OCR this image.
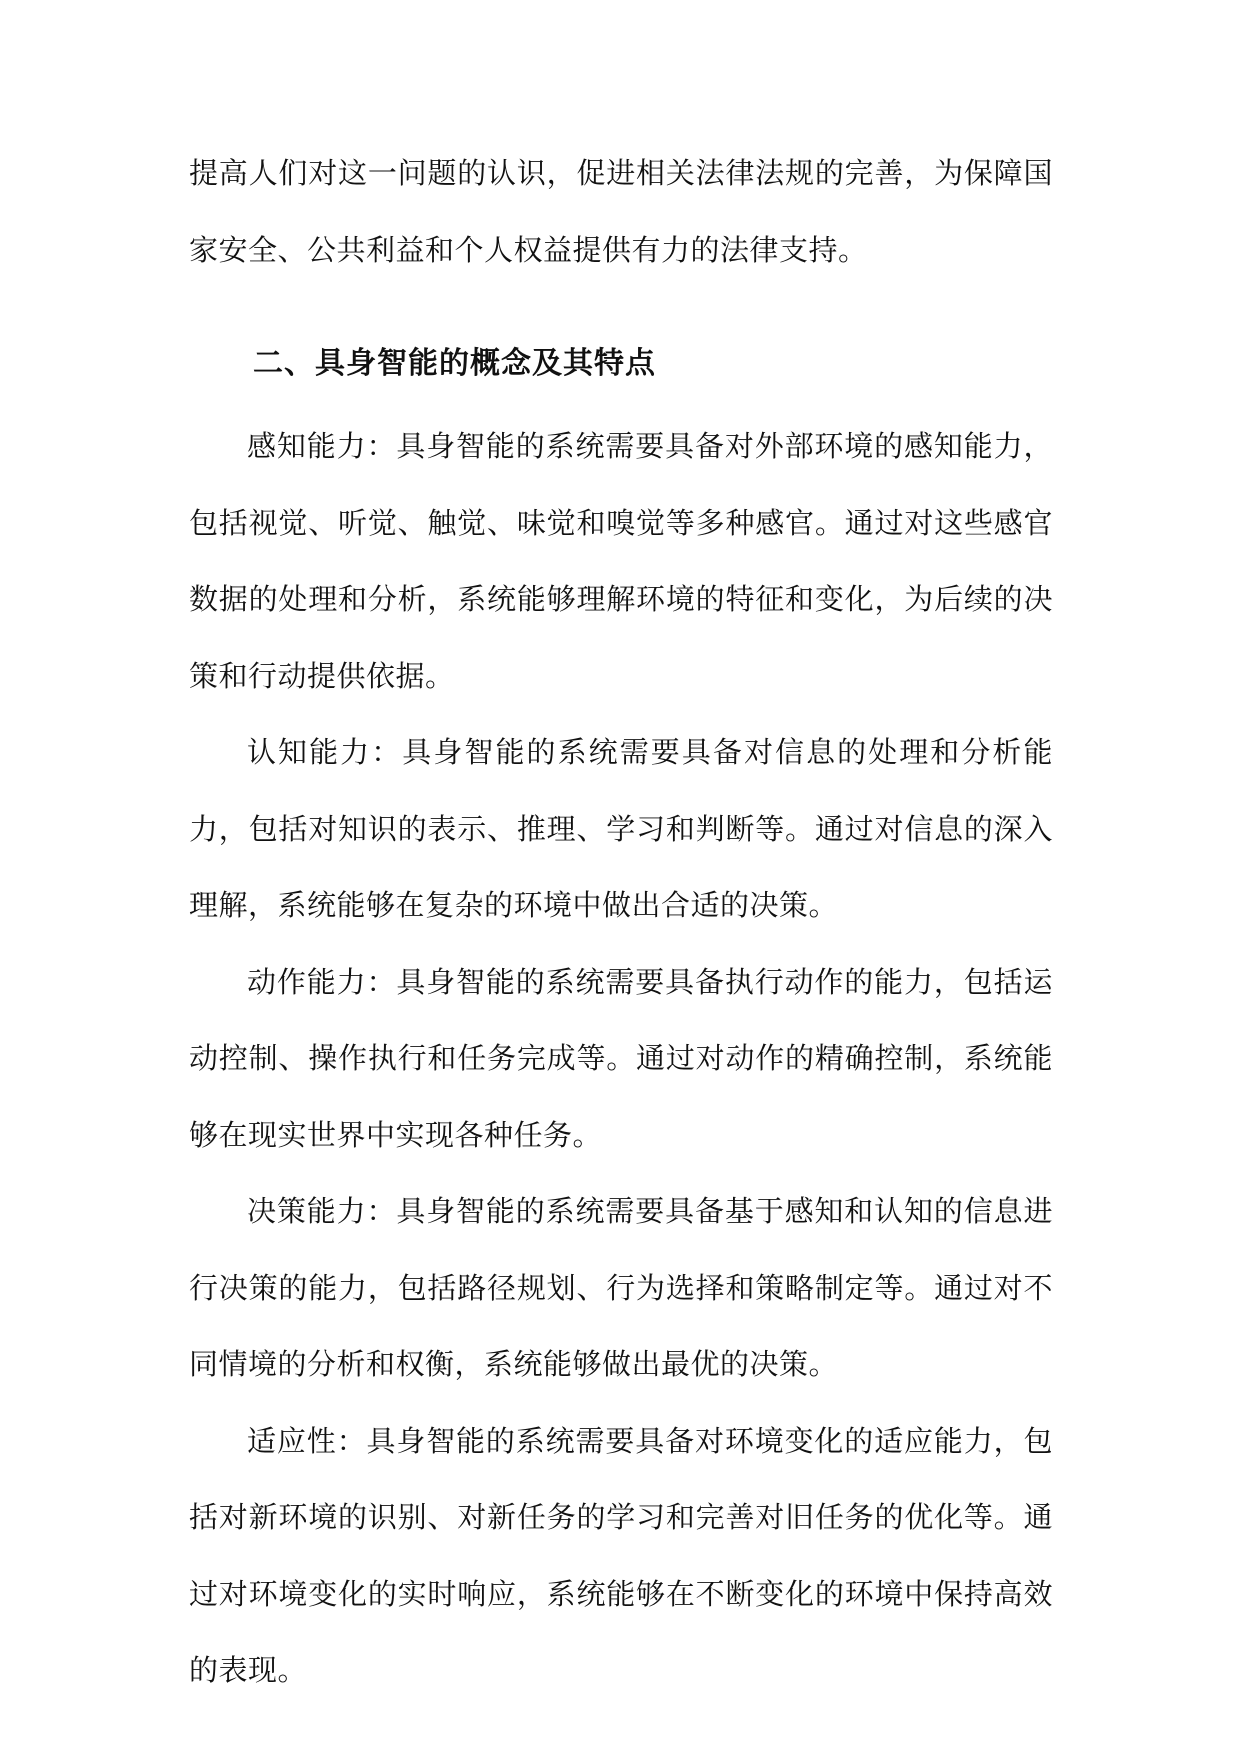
提高人们对这一问题的认识，促进相关法律法规的完善，为保障国家安全、公共利益和个人权益提供有力的法律支持。

二、具身智能的概念及其特点

感知能力：具身智能的系统需要具备对外部环境的感知能力，包括视觉、听觉、触觉、味觉和嗅觉等多种感官。通过对这些感官数据的处理和分析，系统能够理解环境的特征和变化，为后续的决策和行动提供依据。

认知能力：具身智能的系统需要具备对信息的处理和分析能力，包括对知识的表示、推理、学习和判断等。通过对信息的深入理解，系统能够在复杂的环境中做出合适的决策。

动作能力：具身智能的系统需要具备执行动作的能力，包括运动控制、操作执行和任务完成等。通过对动作的精确控制，系统能够在现实世界中实现各种任务。

决策能力：具身智能的系统需要具备基于感知和认知的信息进行决策的能力，包括路径规划、行为选择和策略制定等。通过对不同情境的分析和权衡，系统能够做出最优的决策。

适应性：具身智能的系统需要具备对环境变化的适应能力，包括对新环境的识别、对新任务的学习和完善对旧任务的优化等。通过对环境变化的实时响应，系统能够在不断变化的环境中保持高效的表现。
